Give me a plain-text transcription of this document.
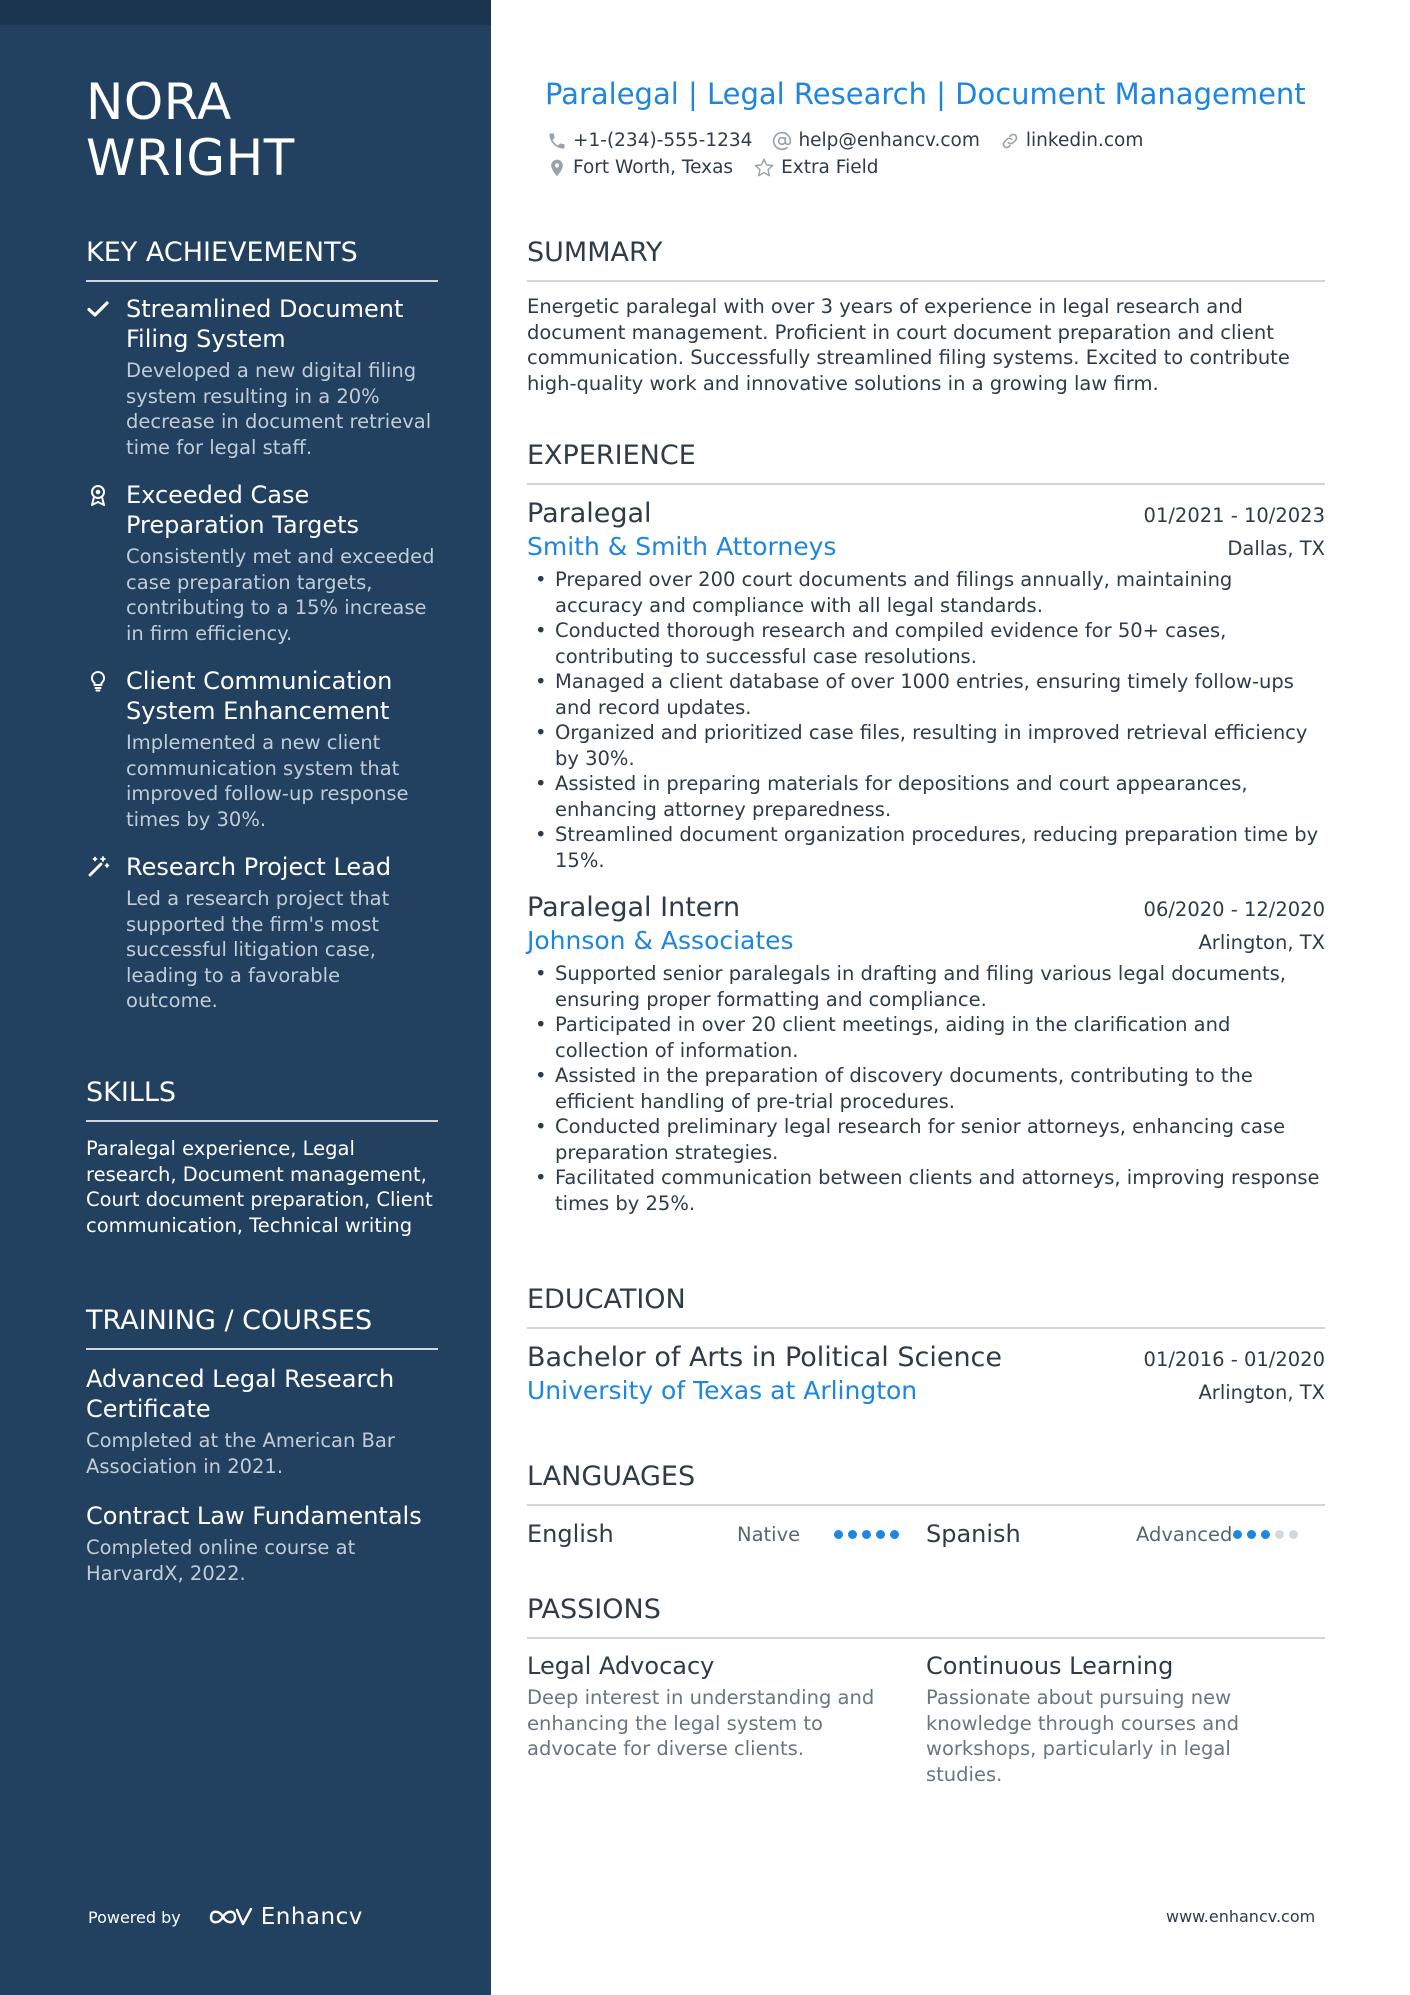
NORA WRIGHT
KEY ACHIEVEMENTS
Streamlined Document Filing System
Developed a new digital filing system resulting in a 20% decrease in document retrieval time for legal staff.
Exceeded Case Preparation Targets
Consistently met and exceeded case preparation targets, contributing to a 15% increase in firm efficiency.
Client Communication System Enhancement
Implemented a new client communication system that improved follow-up response times by 30%.
Research Project Lead
Led a research project that supported the firm's most successful litigation case, leading to a favorable outcome.
SKILLS
Paralegal experience, Legal research, Document management, Court document preparation, Client communication, Technical writing
TRAINING / COURSES
Advanced Legal Research Certificate
Completed at the American Bar Association in 2021.
Contract Law Fundamentals
Completed online course at HarvardX, 2022.
Powered by	Enhancv
Paralegal | Legal Research | Document Management
+1-(234)-555-1234 help@enhancv.com linkedin.com
Fort Worth, Texas	Extra Field
SUMMARY
Energetic paralegal with over 3 years of experience in legal research and document management. Proficient in court document preparation and client communication. Successfully streamlined filing systems. Excited to contribute high-quality work and innovative solutions in a growing law firm.
EXPERIENCE
Paralegal	01/2021 - 10/2023
Smith & Smith Attorneys	Dallas, TX
• Prepared over 200 court documents and filings annually, maintaining accuracy and compliance with all legal standards.
• Conducted thorough research and compiled evidence for 50+ cases, contributing to successful case resolutions.
• Managed a client database of over 1000 entries, ensuring timely follow-ups and record updates.
• Organized and prioritized case files, resulting in improved retrieval efficiency by 30%.
• Assisted in preparing materials for depositions and court appearances, enhancing attorney preparedness.
• Streamlined document organization procedures, reducing preparation time by 15%.
Paralegal Intern	06/2020 - 12/2020
Johnson & Associates	Arlington, TX
• Supported senior paralegals in drafting and filing various legal documents, ensuring proper formatting and compliance.
• Participated in over 20 client meetings, aiding in the clarification and collection of information.
• Assisted in the preparation of discovery documents, contributing to the efficient handling of pre-trial procedures.
• Conducted preliminary legal research for senior attorneys, enhancing case preparation strategies.
• Facilitated communication between clients and attorneys, improving response times by 25%.
EDUCATION
Bachelor of Arts in Political Science	01/2016 - 01/2020
University of Texas at Arlington	Arlington, TX
LANGUAGES
English	Native	Spanish	Advanced
PASSIONS
Legal Advocacy
Deep interest in understanding and enhancing the legal system to advocate for diverse clients.
Continuous Learning
Passionate about pursuing new knowledge through courses and workshops, particularly in legal studies.
www.enhancv.com
